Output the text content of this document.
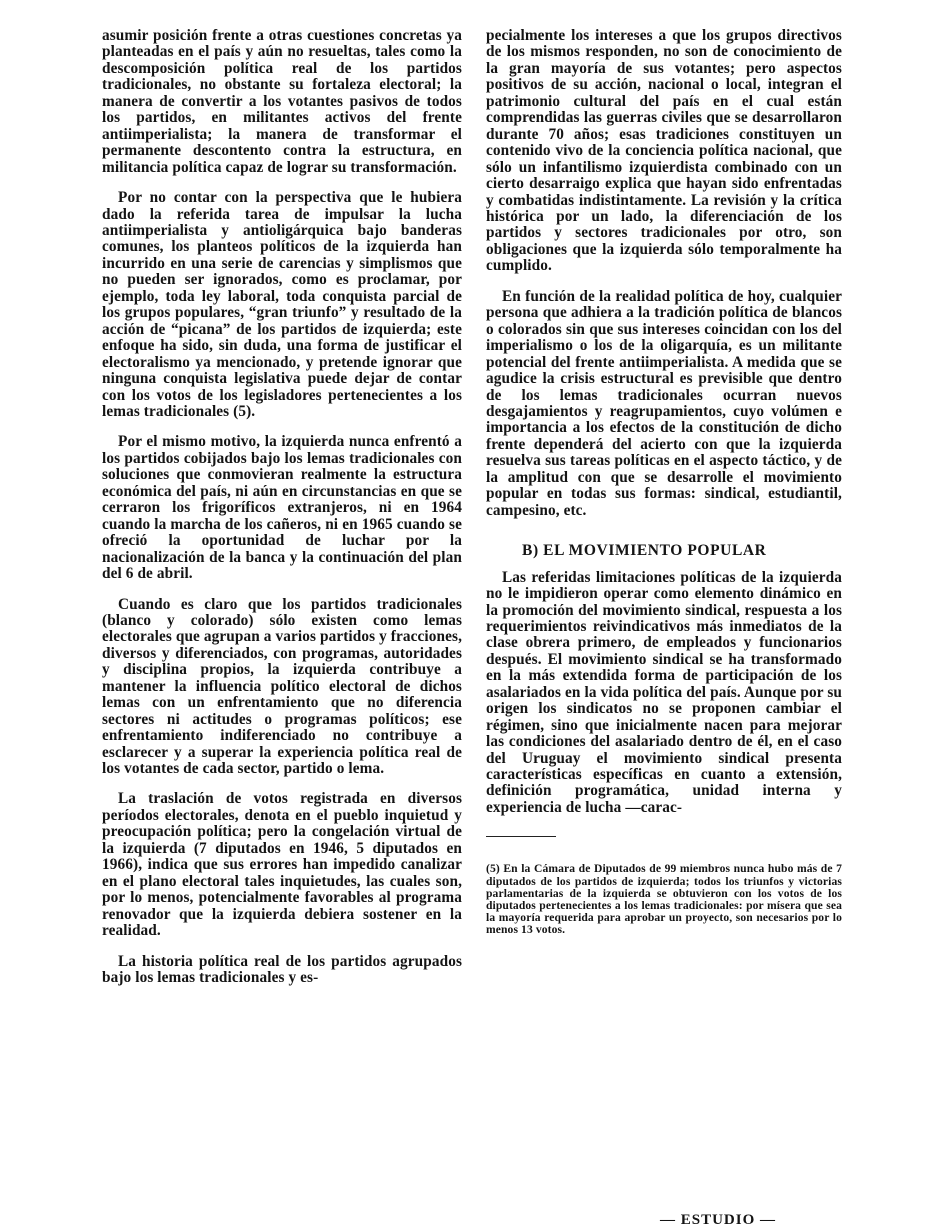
asumir posición frente a otras cuestiones concretas ya planteadas en el país y aún no resueltas, tales como la descomposición política real de los partidos tradicionales, no obstante su fortaleza electoral; la manera de convertir a los votantes pasivos de todos los partidos, en militantes activos del frente antiimperialista; la manera de transformar el permanente descontento contra la estructura, en militancia política capaz de lograr su transformación.

Por no contar con la perspectiva que le hubiera dado la referida tarea de impulsar la lucha antiimperialista y antioligárquica bajo banderas comunes, los planteos políticos de la izquierda han incurrido en una serie de carencias y simplismos que no pueden ser ignorados, como es proclamar, por ejemplo, toda ley laboral, toda conquista parcial de los grupos populares, “gran triunfo” y resultado de la acción de “picana” de los partidos de izquierda; este enfoque ha sido, sin duda, una forma de justificar el electoralismo ya mencionado, y pretende ignorar que ninguna conquista legislativa puede dejar de contar con los votos de los legisladores pertenecientes a los lemas tradicionales (5).

Por el mismo motivo, la izquierda nunca enfrentó a los partidos cobijados bajo los lemas tradicionales con soluciones que conmovieran realmente la estructura económica del país, ni aún en circunstancias en que se cerraron los frigoríficos extranjeros, ni en 1964 cuando la marcha de los cañeros, ni en 1965 cuando se ofreció la oportunidad de luchar por la nacionalización de la banca y la continuación del plan del 6 de abril.

Cuando es claro que los partidos tradicionales (blanco y colorado) sólo existen como lemas electorales que agrupan a varios partidos y fracciones, diversos y diferenciados, con programas, autoridades y disciplina propios, la izquierda contribuye a mantener la influencia político electoral de dichos lemas con un enfrentamiento que no diferencia sectores ni actitudes o programas políticos; ese enfrentamiento indiferenciado no contribuye a esclarecer y a superar la experiencia política real de los votantes de cada sector, partido o lema.

La traslación de votos registrada en diversos períodos electorales, denota en el pueblo inquietud y preocupación política; pero la congelación virtual de la izquierda (7 diputados en 1946, 5 diputados en 1966), indica que sus errores han impedido canalizar en el plano electoral tales inquietudes, las cuales son, por lo menos, potencialmente favorables al programa renovador que la izquierda debiera sostener en la realidad.

La historia política real de los partidos agrupados bajo los lemas tradicionales y es-

pecialmente los intereses a que los grupos directivos de los mismos responden, no son de conocimiento de la gran mayoría de sus votantes; pero aspectos positivos de su acción, nacional o local, integran el patrimonio cultural del país en el cual están comprendidas las guerras civiles que se desarrollaron durante 70 años; esas tradiciones constituyen un contenido vivo de la conciencia política nacional, que sólo un infantilismo izquierdista combinado con un cierto desarraigo explica que hayan sido enfrentadas y combatidas indistintamente. La revisión y la crítica histórica por un lado, la diferenciación de los partidos y sectores tradicionales por otro, son obligaciones que la izquierda sólo temporalmente ha cumplido.

En función de la realidad política de hoy, cualquier persona que adhiera a la tradición política de blancos o colorados sin que sus intereses coincidan con los del imperialismo o los de la oligarquía, es un militante potencial del frente antiimperialista. A medida que se agudice la crisis estructural es previsible que dentro de los lemas tradicionales ocurran nuevos desgajamientos y reagrupamientos, cuyo volúmen e importancia a los efectos de la constitución de dicho frente dependerá del acierto con que la izquierda resuelva sus tareas políticas en el aspecto táctico, y de la amplitud con que se desarrolle el movimiento popular en todas sus formas: sindical, estudiantil, campesino, etc.

B) EL MOVIMIENTO POPULAR

Las referidas limitaciones políticas de la izquierda no le impidieron operar como elemento dinámico en la promoción del movimiento sindical, respuesta a los requerimientos reivindicativos más inmediatos de la clase obrera primero, de empleados y funcionarios después. El movimiento sindical se ha transformado en la más extendida forma de participación de los asalariados en la vida política del país. Aunque por su origen los sindicatos no se proponen cambiar el régimen, sino que inicialmente nacen para mejorar las condiciones del asalariado dentro de él, en el caso del Uruguay el movimiento sindical presenta características específicas en cuanto a extensión, definición programática, unidad interna y experiencia de lucha —carac-

(5) En la Cámara de Diputados de 99 miembros nunca hubo más de 7 diputados de los partidos de izquierda; todos los triunfos y victorias parlamentarias de la izquierda se obtuvieron con los votos de los diputados pertenecientes a los lemas tradicionales: por mísera que sea la mayoría requerida para aprobar un proyecto, son necesarios por lo menos 13 votos.

— ESTUDIO —
